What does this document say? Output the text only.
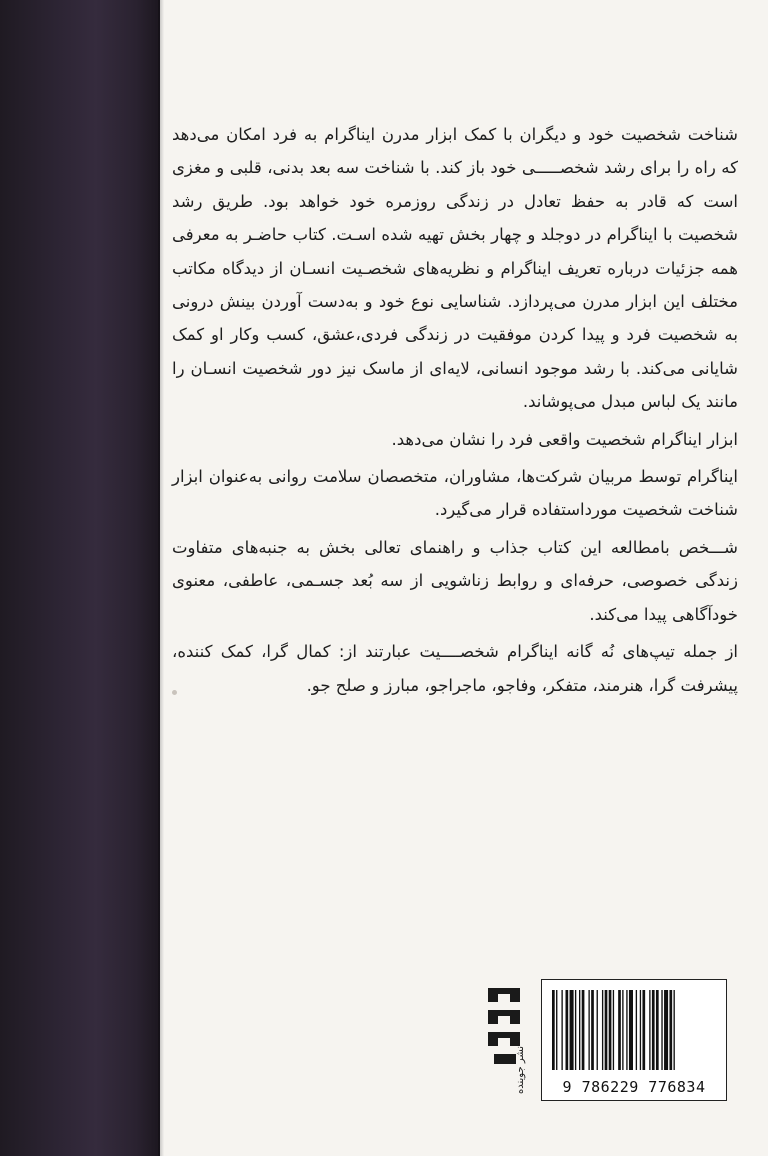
شناخت شخصیت خود و دیگران با کمک ابزار مدرن اینا‌گرام به فرد امکان می‌دهد که راه را برای رشد شخصـــــی خود باز کند. با شناخت سه بعد بدنی، قلبی و مغزی است که قادر به حفظ تعادل در زندگی روزمره خود خواهد بود. طریق رشد شخصیت با اینا‌گرام در دوجلد و چهار بخش تهیه شده اسـت. کتاب حاضـر به معرفی همه جزئیات درباره تعریف اینا‌گرام و نظریه‌های شخصـیت انسـان از دیدگاه مکاتب مختلف این ابزار مدرن می‌پردازد. شناسایی نوع خود و به‌دست آوردن بینش درونی به شخصیت فرد و پیدا کردن موفقیت در زندگی فردی،عشق، کسب وکار او کمک شایانی می‌کند. با رشد موجود انسانی، لایه‌ای از ماسک نیز دور شخصیت انسـان را مانند یک لباس مبدل می‌پوشاند.

ابزار اینا‌گرام شخصیت واقعی فرد را نشان می‌دهد.

اینا‌گرام توسط مربیان شرکت‌ها، مشاوران، متخصصان سلامت روانی به‌عنوان ابزار شناخت شخصیت مورداستفاده قرار می‌گیرد.

شـــخص بامطالعه این کتاب جذاب و راهنمای تعالی بخش به جنبه‌های متفاوت زندگی خصوصی، حرفه‌ای و روابط زناشویی از سه بُعد جسـمی، عاطفی، معنوی خودآگاهی پیدا می‌کند.

از جمله تیپ‌های نُه گانه اینا‌گرام شخصــــیت عبارتند از: کمال گرا، کمک کننده، پیشرفت گرا، هنرمند، متفکر، وفاجو، ماجراجو، مبارز و صلح جو.

نشر جوینده	9 786229 776834
